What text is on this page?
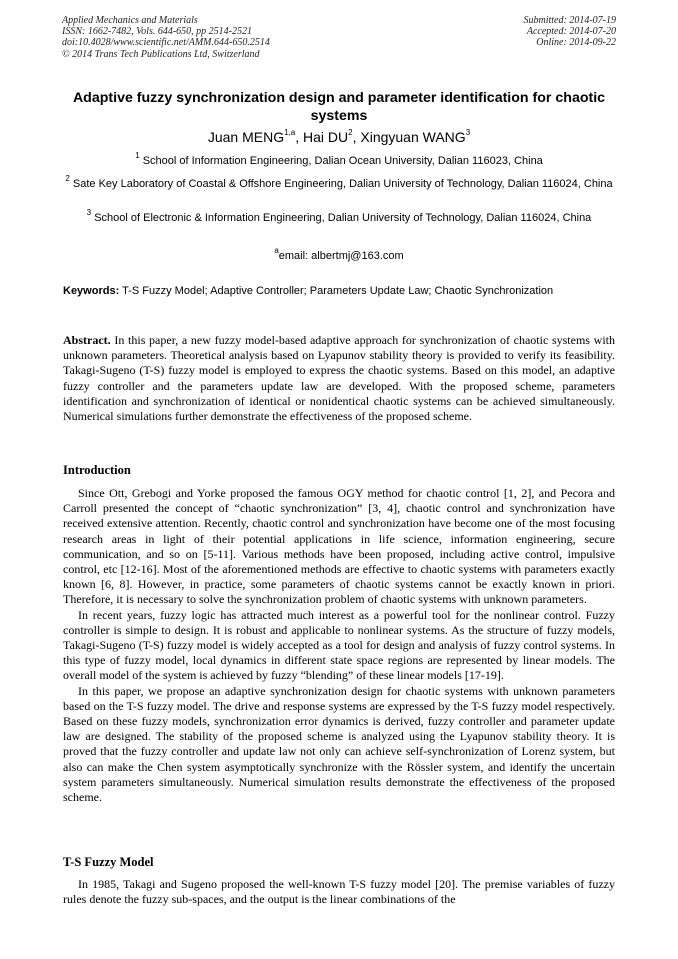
Applied Mechanics and Materials
ISSN: 1662-7482, Vols. 644-650, pp 2514-2521
doi:10.4028/www.scientific.net/AMM.644-650.2514
© 2014 Trans Tech Publications Ltd, Switzerland
Submitted: 2014-07-19
Accepted: 2014-07-20
Online: 2014-09-22
Adaptive fuzzy synchronization design and parameter identification for chaotic systems
Juan MENG$^{1,a}$, Hai $DU^2$, Xingyuan WANG$^3$
$^1$ School of Information Engineering, Dalian Ocean University, Dalian 116023, China
$^2$ Sate Key Laboratory of Coastal & Offshore Engineering, Dalian University of Technology, Dalian 116024, China
$^3$ School of Electronic & Information Engineering, Dalian University of Technology, Dalian 116024, China
$^a$email: albertmj@163.com
Keywords: T-S Fuzzy Model; Adaptive Controller; Parameters Update Law; Chaotic Synchronization
Abstract. In this paper, a new fuzzy model-based adaptive approach for synchronization of chaotic systems with unknown parameters. Theoretical analysis based on Lyapunov stability theory is provided to verify its feasibility. Takagi-Sugeno (T-S) fuzzy model is employed to express the chaotic systems. Based on this model, an adaptive fuzzy controller and the parameters update law are developed. With the proposed scheme, parameters identification and synchronization of identical or nonidentical chaotic systems can be achieved simultaneously. Numerical simulations further demonstrate the effectiveness of the proposed scheme.
Introduction

Since Ott, Grebogi and Yorke proposed the famous OGY method for chaotic control [1, 2], and Pecora and Carroll presented the concept of “chaotic synchronization” [3, 4], chaotic control and synchronization have received extensive attention. Recently, chaotic control and synchronization have become one of the most focusing research areas in light of their potential applications in life science, information engineering, secure communication, and so on [5-11]. Various methods have been proposed, including active control, impulsive control, etc [12-16]. Most of the aforementioned methods are effective to chaotic systems with parameters exactly known [6, 8]. However, in practice, some parameters of chaotic systems cannot be exactly known in priori. Therefore, it is necessary to solve the synchronization problem of chaotic systems with unknown parameters.

In recent years, fuzzy logic has attracted much interest as a powerful tool for the nonlinear control. Fuzzy controller is simple to design. It is robust and applicable to nonlinear systems. As the structure of fuzzy models, Takagi-Sugeno (T-S) fuzzy model is widely accepted as a tool for design and analysis of fuzzy control systems. In this type of fuzzy model, local dynamics in different state space regions are represented by linear models. The overall model of the system is achieved by fuzzy “blending” of these linear models [17-19].

In this paper, we propose an adaptive synchronization design for chaotic systems with unknown parameters based on the T-S fuzzy model. The drive and response systems are expressed by the T-S fuzzy model respectively. Based on these fuzzy models, synchronization error dynamics is derived, fuzzy controller and parameter update law are designed. The stability of the proposed scheme is analyzed using the Lyapunov stability theory. It is proved that the fuzzy controller and update law not only can achieve self-synchronization of Lorenz system, but also can make the Chen system asymptotically synchronize with the Rössler system, and identify the uncertain system parameters simultaneously. Numerical simulation results demonstrate the effectiveness of the proposed scheme.

T-S Fuzzy Model

In 1985, Takagi and Sugeno proposed the well-known T-S fuzzy model [20]. The premise variables of fuzzy rules denote the fuzzy sub-spaces, and the output is the linear combinations of the
